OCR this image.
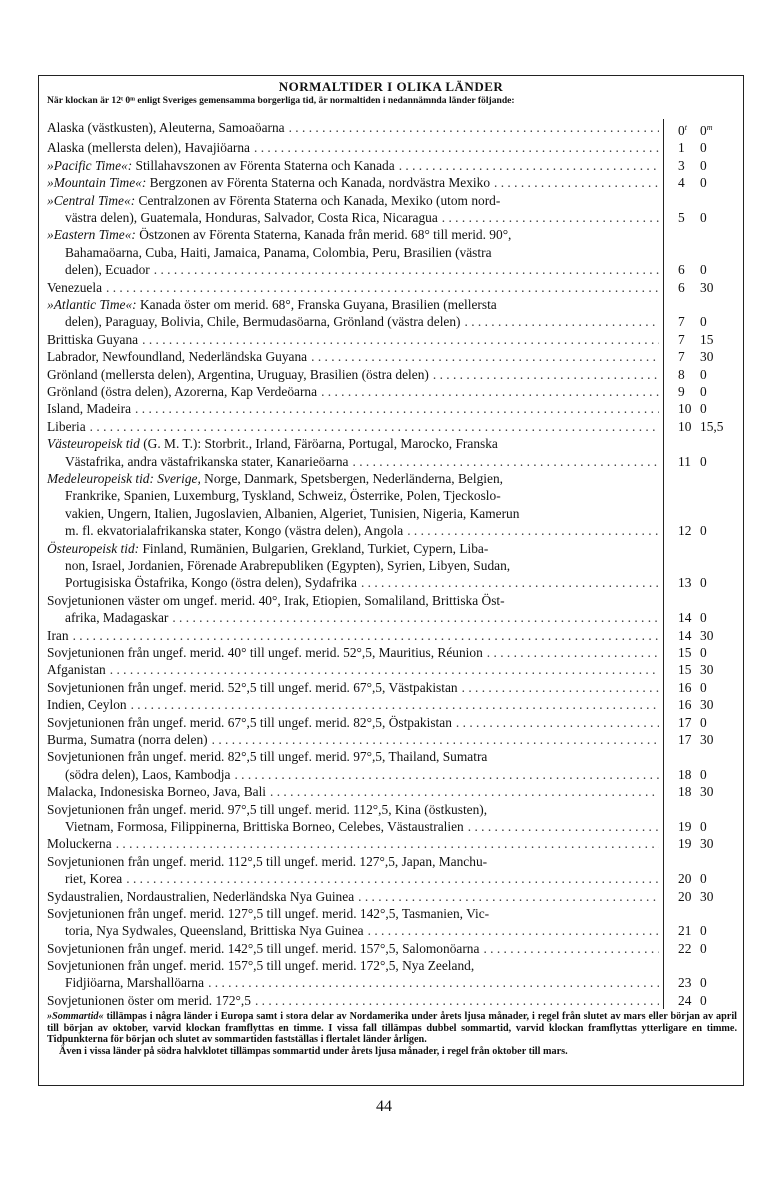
NORMALTIDER I OLIKA LÄNDER
När klockan är 12ᵗ 0ᵐ enligt Sveriges gemensamma borgerliga tid, är normaltiden i nedannämnda länder följande:
Alaska (västkusten), Aleuterna, Samoaöarna . . .	0$^t$ 0$^m$
Alaska (mellersta delen), Havajiöarna . . .	1 0
»Pacific Time«: Stillahavszonen av Förenta Staterna och Kanada . . .	3 0
»Mountain Time«: Bergzonen av Förenta Staterna och Kanada, nordvästra Mexiko . . .	4 0
»Central Time«: Centralzonen av Förenta Staterna och Kanada, Mexiko (utom nord-
västra delen), Guatemala, Honduras, Salvador, Costa Rica, Nicaragua . . .	5 0
»Eastern Time«: Östzonen av Förenta Staterna, Kanada från merid. 68° till merid. 90°,
Bahamaöarna, Cuba, Haiti, Jamaica, Panama, Colombia, Peru, Brasilien (västra
delen), Ecuador . . .	6 0
Venezuela . . .	6 30
»Atlantic Time«: Kanada öster om merid. 68°, Franska Guyana, Brasilien (mellersta
delen), Paraguay, Bolivia, Chile, Bermudasöarna, Grönland (västra delen) . . .	7 0
Brittiska Guyana . . .	7 15
Labrador, Newfoundland, Nederländska Guyana . . .	7 30
Grönland (mellersta delen), Argentina, Uruguay, Brasilien (östra delen) . . .	8 0
Grönland (östra delen), Azorerna, Kap Verdeöarna . . .	9 0
Island, Madeira . . .	10 0
Liberia . . .	10 15,5
Västeuropeisk tid (G. M. T.): Storbrit., Irland, Färöarna, Portugal, Marocko, Franska
Västafrika, andra västafrikanska stater, Kanarieöarna . . .	11 0
Medeleuropeisk tid: Sverige, Norge, Danmark, Spetsbergen, Nederländerna, Belgien,
Frankrike, Spanien, Luxemburg, Tyskland, Schweiz, Österrike, Polen, Tjeckoslo-
vakien, Ungern, Italien, Jugoslavien, Albanien, Algeriet, Tunisien, Nigeria, Kamerun
m. fl. ekvatorialafrikanska stater, Kongo (västra delen), Angola . . .	12 0
Östeuropeisk tid: Finland, Rumänien, Bulgarien, Grekland, Turkiet, Cypern, Liba-
non, Israel, Jordanien, Förenade Arabrepubliken (Egypten), Syrien, Libyen, Sudan,
Portugisiska Östafrika, Kongo (östra delen), Sydafrika . . .	13 0
Sovjetunionen väster om ungef. merid. 40°, Irak, Etiopien, Somaliland, Brittiska Öst-
afrika, Madagaskar . . .	14 0
Iran . . .	14 30
Sovjetunionen från ungef. merid. 40° till ungef. merid. 52°,5, Mauritius, Réunion . . .	15 0
Afganistan . . .	15 30
Sovjetunionen från ungef. merid. 52°,5 till ungef. merid. 67°,5, Västpakistan . . .	16 0
Indien, Ceylon . . .	16 30
Sovjetunionen från ungef. merid. 67°,5 till ungef. merid. 82°,5, Östpakistan . . .	17 0
Burma, Sumatra (norra delen) . . .	17 30
Sovjetunionen från ungef. merid. 82°,5 till ungef. merid. 97°,5, Thailand, Sumatra
(södra delen), Laos, Kambodja . . .	18 0
Malacka, Indonesiska Borneo, Java, Bali . . .	18 30
Sovjetunionen från ungef. merid. 97°,5 till ungef. merid. 112°,5, Kina (östkusten),
Vietnam, Formosa, Filippinerna, Brittiska Borneo, Celebes, Västaustralien . . .	19 0
Moluckerna . . .	19 30
Sovjetunionen från ungef. merid. 112°,5 till ungef. merid. 127°,5, Japan, Manchu-
riet, Korea . . .	20 0
Sydaustralien, Nordaustralien, Nederländska Nya Guinea . . .	20 30
Sovjetunionen från ungef. merid. 127°,5 till ungef. merid. 142°,5, Tasmanien, Vic-
toria, Nya Sydwales, Queensland, Brittiska Nya Guinea . . .	21 0
Sovjetunionen från ungef. merid. 142°,5 till ungef. merid. 157°,5, Salomonöarna . . .	22 0
Sovjetunionen från ungef. merid. 157°,5 till ungef. merid. 172°,5, Nya Zeeland,
Fidjiöarna, Marshallöarna . . .	23 0
Sovjetunionen öster om merid. 172°,5 . . .	24 0

»Sommartid« tillämpas i några länder i Europa samt i stora delar av Nordamerika under årets ljusa månader, i regel från slutet av mars eller början av april till början av oktober, varvid klockan framflyttas en timme. I vissa fall tillämpas dubbel sommartid, varvid klockan framflyttas ytterligare en timme. Tidpunkterna för början och slutet av sommartiden fastställas i flertalet länder årligen.

Även i vissa länder på södra halvklotet tillämpas sommartid under årets ljusa månader, i regel från oktober till mars.

44
